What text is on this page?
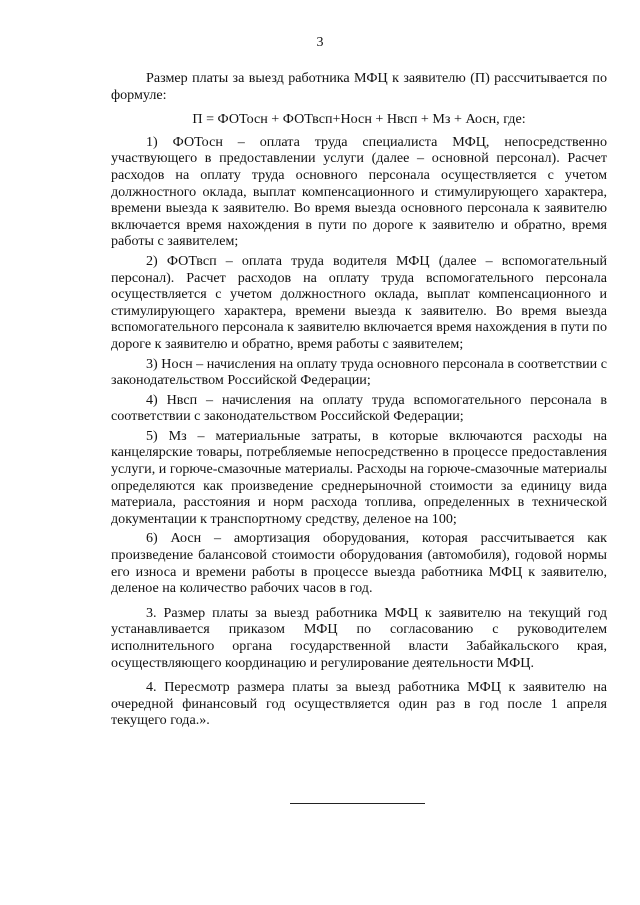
3

Размер платы за выезд работника МФЦ к заявителю (П) рассчитывается по формуле:

П = ФОТосн + ФОТвсп+Носн + Нвсп + Мз + Аосн, где:

1) ФОТосн – оплата труда специалиста МФЦ, непосредственно участвующего в предоставлении услуги (далее – основной персонал). Расчет расходов на оплату труда основного персонала осуществляется с учетом должностного оклада, выплат компенсационного и стимулирующего характера, времени выезда к заявителю. Во время выезда основного персонала к заявителю включается время нахождения в пути по дороге к заявителю и обратно, время работы с заявителем;

2) ФОТвсп – оплата труда водителя МФЦ (далее – вспомогательный персонал). Расчет расходов на оплату труда вспомогательного персонала осуществляется с учетом должностного оклада, выплат компенсационного и стимулирующего характера, времени выезда к заявителю. Во время выезда вспомогательного персонала к заявителю включается время нахождения в пути по дороге к заявителю и обратно, время работы с заявителем;

3) Носн – начисления на оплату труда основного персонала в соответствии с законодательством Российской Федерации;

4) Нвсп – начисления на оплату труда вспомогательного персонала в соответствии с законодательством Российской Федерации;

5) Мз – материальные затраты, в которые включаются расходы на канцелярские товары, потребляемые непосредственно в процессе предоставления услуги, и горюче-смазочные материалы. Расходы на горюче-смазочные материалы определяются как произведение среднерыночной стоимости за единицу вида материала, расстояния и норм расхода топлива, определенных в технической документации к транспортному средству, деленое на 100;

6) Аосн – амортизация оборудования, которая рассчитывается как произведение балансовой стоимости оборудования (автомобиля), годовой нормы его износа и времени работы в процессе выезда работника МФЦ к заявителю, деленое на количество рабочих часов в год.

3. Размер платы за выезд работника МФЦ к заявителю на текущий год устанавливается приказом МФЦ по согласованию с руководителем исполнительного органа государственной власти Забайкальского края, осуществляющего координацию и регулирование деятельности МФЦ.

4. Пересмотр размера платы за выезд работника МФЦ к заявителю на очередной финансовый год осуществляется один раз в год после 1 апреля текущего года.».
